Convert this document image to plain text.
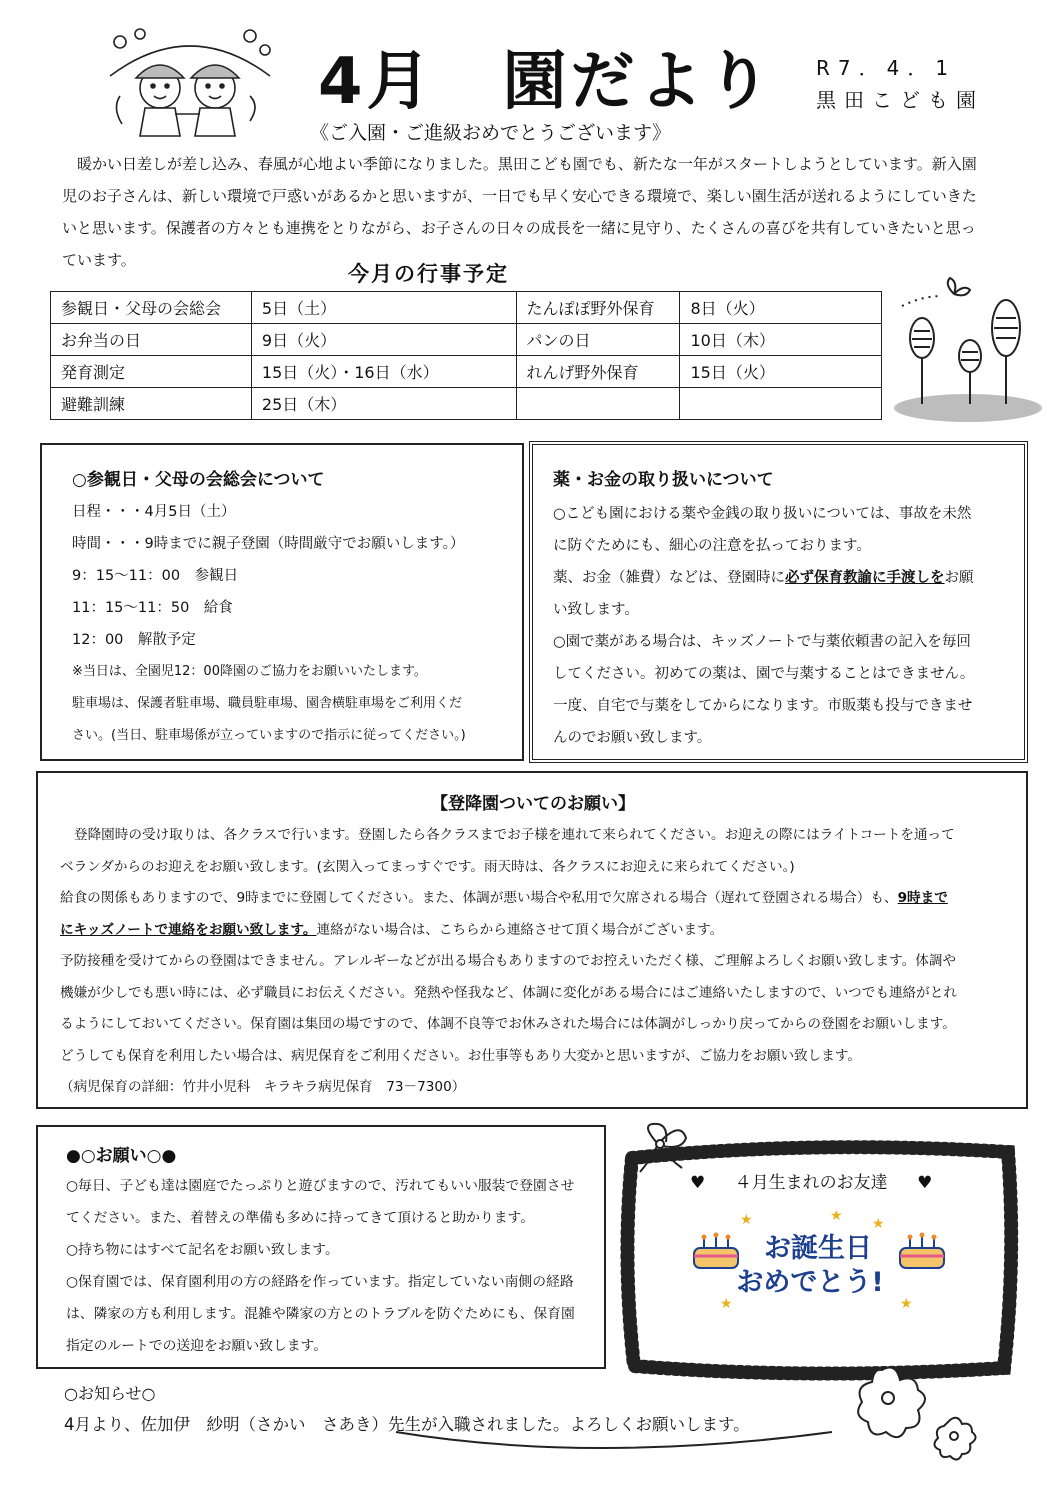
4月　園だより R7．4．1
黒田こども園
《ご入園・ご進級おめでとうございます》
暖かい日差しが差し込み、春風が心地よい季節になりました。黒田こども園でも、新たな一年がスタートしようとしています。新入園児のお子さんは、新しい環境で戸惑いがあるかと思いますが、一日でも早く安心できる環境で、楽しい園生活が送れるようにしていきたいと思います。保護者の方々とも連携をとりながら、お子さんの日々の成長を一緒に見守り、たくさんの喜びを共有していきたいと思っています。
今月の行事予定
参観日・父母の会総会	5日（土）	たんぽぽ野外保育	8日（火）
お弁当の日	9日（火）	パンの日	10日（木）
発育測定	15日（火）・16日（水）	れんげ野外保育	15日（火）
避難訓練	25日（木）		
○参観日・父母の会総会について
日程・・・4月5日（土）
時間・・・9時までに親子登園（時間厳守でお願いします。）
9：15～11：00　参観日
11：15～11：50　給食
12：00　解散予定
※当日は、全園児12：00降園のご協力をお願いいたします。
駐車場は、保護者駐車場、職員駐車場、園舎横駐車場をご利用くだ
さい。(当日、駐車場係が立っていますので指示に従ってください。)
薬・お金の取り扱いについて
○こども園における薬や金銭の取り扱いについては、事故を未然
に防ぐためにも、細心の注意を払っております。
薬、お金（雑費）などは、登園時に必ず保育教諭に手渡しをお願
い致します。
○園で薬がある場合は、キッズノートで与薬依頼書の記入を毎回
してください。初めての薬は、園で与薬することはできません。
一度、自宅で与薬をしてからになります。市販薬も投与できませ
んのでお願い致します。
【登降園ついてのお願い】
登降園時の受け取りは、各クラスで行います。登園したら各クラスまでお子様を連れて来られてください。お迎えの際にはライトコートを通って
ベランダからのお迎えをお願い致します。(玄関入ってまっすぐです。雨天時は、各クラスにお迎えに来られてください。)
給食の関係もありますので、9時までに登園してください。また、体調が悪い場合や私用で欠席される場合（遅れて登園される場合）も、9時まで
にキッズノートで連絡をお願い致します。連絡がない場合は、こちらから連絡させて頂く場合がございます。
予防接種を受けてからの登園はできません。アレルギーなどが出る場合もありますのでお控えいただく様、ご理解よろしくお願い致します。体調や
機嫌が少しでも悪い時には、必ず職員にお伝えください。発熱や怪我など、体調に変化がある場合にはご連絡いたしますので、いつでも連絡がとれ
るようにしておいてください。保育園は集団の場ですので、体調不良等でお休みされた場合には体調がしっかり戻ってからの登園をお願いします。
どうしても保育を利用したい場合は、病児保育をご利用ください。お仕事等もあり大変かと思いますが、ご協力をお願い致します。
（病児保育の詳細：竹井小児科　キラキラ病児保育　73－7300）
●○お願い○●
○毎日、子ども達は園庭でたっぷりと遊びますので、汚れてもいい服装で登園させ
てください。また、着替えの準備も多めに持ってきて頂けると助かります。
○持ち物にはすべて記名をお願い致します。
○保育園では、保育園利用の方の経路を作っています。指定していない南側の経路
は、隣家の方も利用します。混雑や隣家の方とのトラブルを防ぐためにも、保育園
指定のルートでの送迎をお願い致します。
♥ ４月生まれのお友達 ♥
★	★ ★
★	★
お誕生日
おめでとう!
○お知らせ○
4月より、佐加伊　紗明（さかい　さあき）先生が入職されました。よろしくお願いします。
